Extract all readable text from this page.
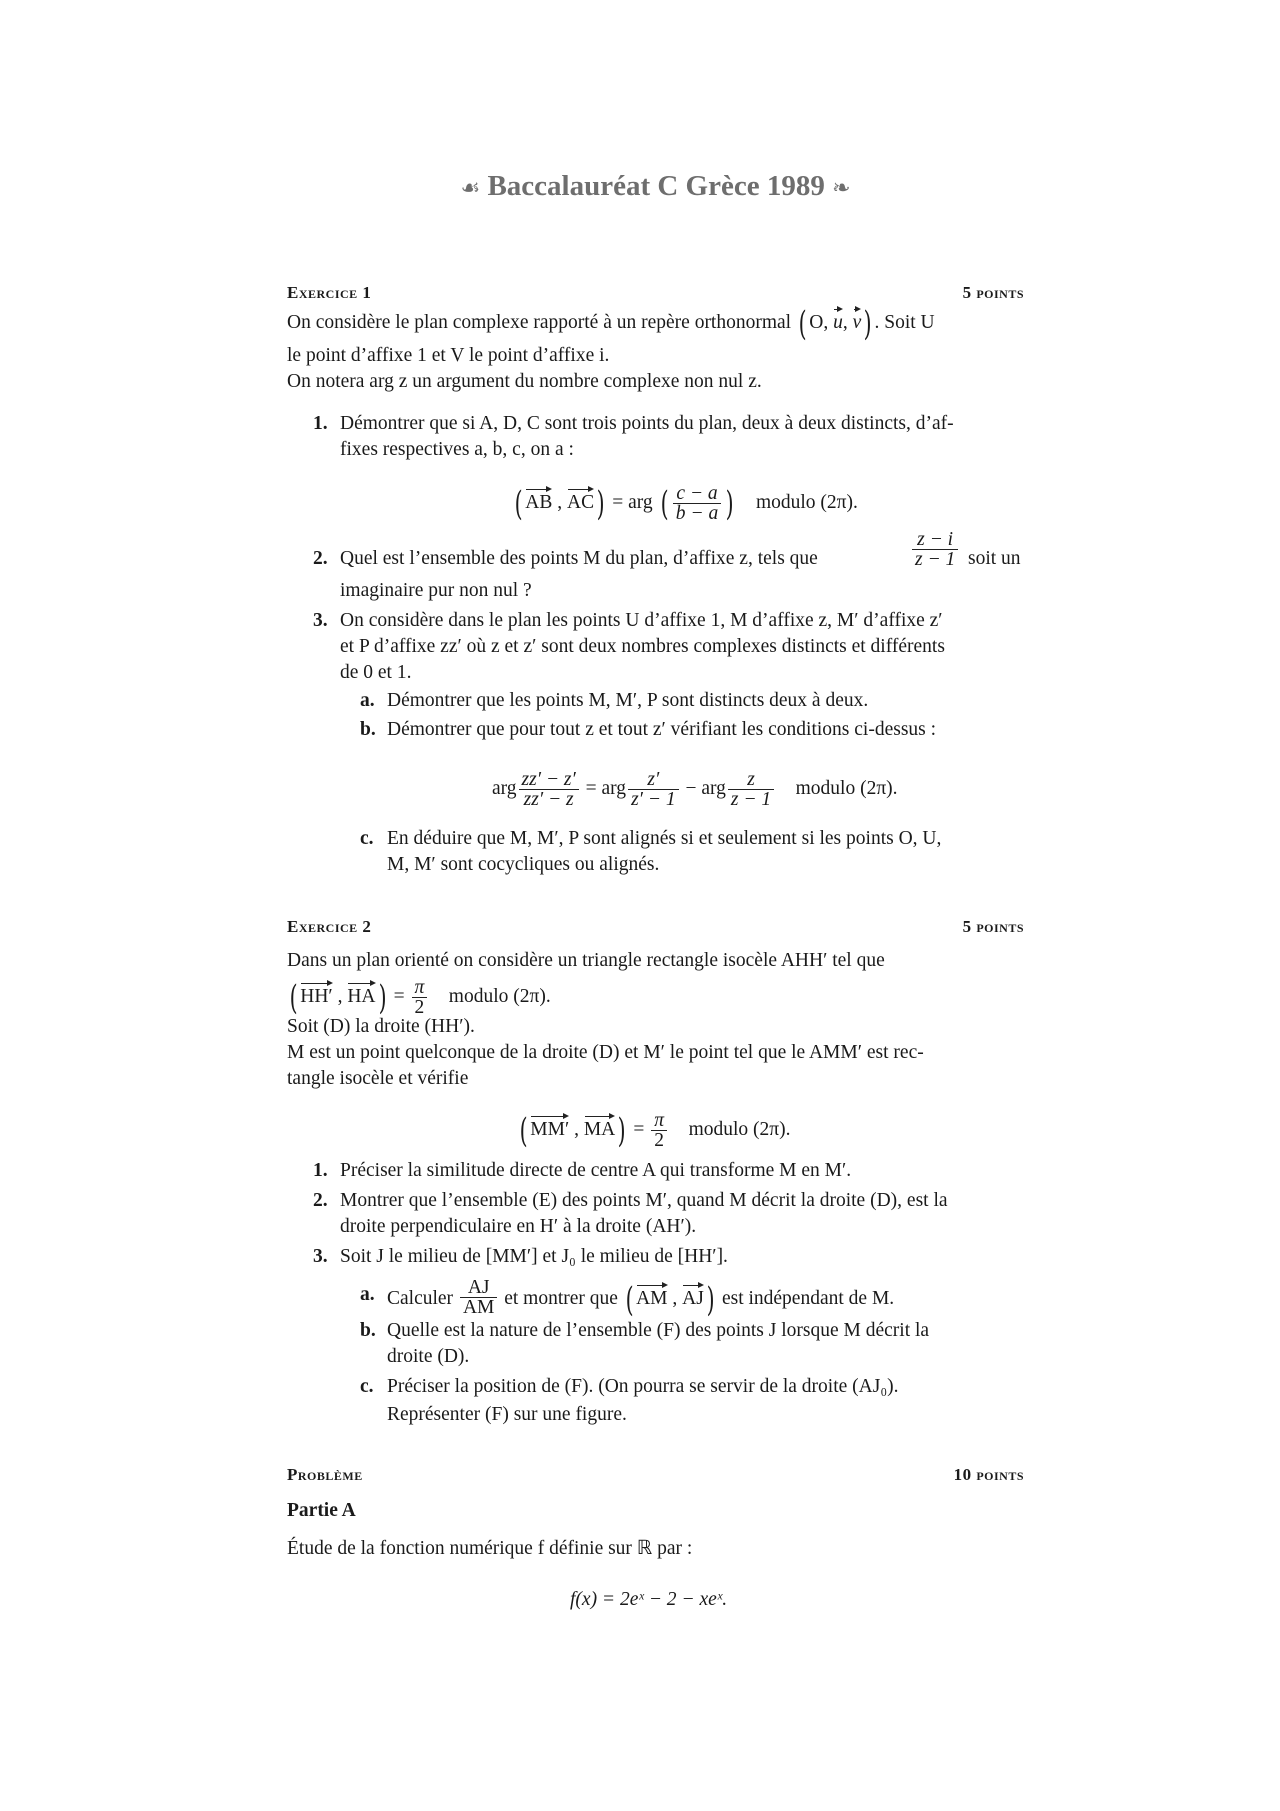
☙ Baccalauréat C Grèce 1989 ❧
Exercice 1	5 points
On considère le plan complexe rapporté à un repère orthonormal ( O, u, v) . Soit U
le point d’affixe 1 et V le point d’affixe i.
On notera arg z un argument du nombre complexe non nul z.
1. Démontrer que si A, D, C sont trois points du plan, deux à deux distincts, d’af-
fixes respectives a, b, c, on a :
( AB , AC) = arg ( $\frac{c - a}{b - a}$ ) modulo (2π).
2. Quel est l’ensemble des points M du plan, d’affixe z, tels que	$\frac{z - i}{z - 1}$ soit un
imaginaire pur non nul ?
3. On considère dans le plan les points U d’affixe 1, M d’affixe z, M′ d’affixe z′
et P d’affixe zz′ où z et z′ sont deux nombres complexes distincts et différents
de 0 et 1.
a. Démontrer que les points M, M′, P sont distincts deux à deux.
b. Démontrer que pour tout z et tout z′ vérifiant les conditions ci-dessus :
arg $\frac{zz' - z'}{zz' - z}$ = arg $\frac{z'}{z' - 1}$ − arg $\frac{z}{z - 1}$ modulo (2π).
c. En déduire que M, M′, P sont alignés si et seulement si les points O, U,
M, M′ sont cocycliques ou alignés.
Exercice 2	5 points
Dans un plan orienté on considère un triangle rectangle isocèle AHH′ tel que
( HH′ , $HA) = \frac{\pi}{2}$ modulo (2π).
Soit (D) la droite (HH′).
M est un point quelconque de la droite (D) et M′ le point tel que le AMM′ est rec-
tangle isocèle et vérifie
( MM′ , $MA) = \frac{\pi}{2}$ modulo (2π).
1. Préciser la similitude directe de centre A qui transforme M en M′.
2. Montrer que l’ensemble (E) des points M′, quand M décrit la droite (D), est la
droite perpendiculaire en H′ à la droite (AH′).
3. Soit J le milieu de [MM′] et J₀ le milieu de [HH′].
a. Calculer $\frac{AJ}{AM}$ et montrer que ( AM , AJ) est indépendant de M.
b. Quelle est la nature de l’ensemble (F) des points J lorsque M décrit la
droite (D).
c. Préciser la position de (F). (On pourra se servir de la droite (AJ₀).
Représenter (F) sur une figure.
Problème	10 points
Partie A
Étude de la fonction numérique f définie sur ℝ par :
f(x) = 2eˣ − 2 − xeˣ.
